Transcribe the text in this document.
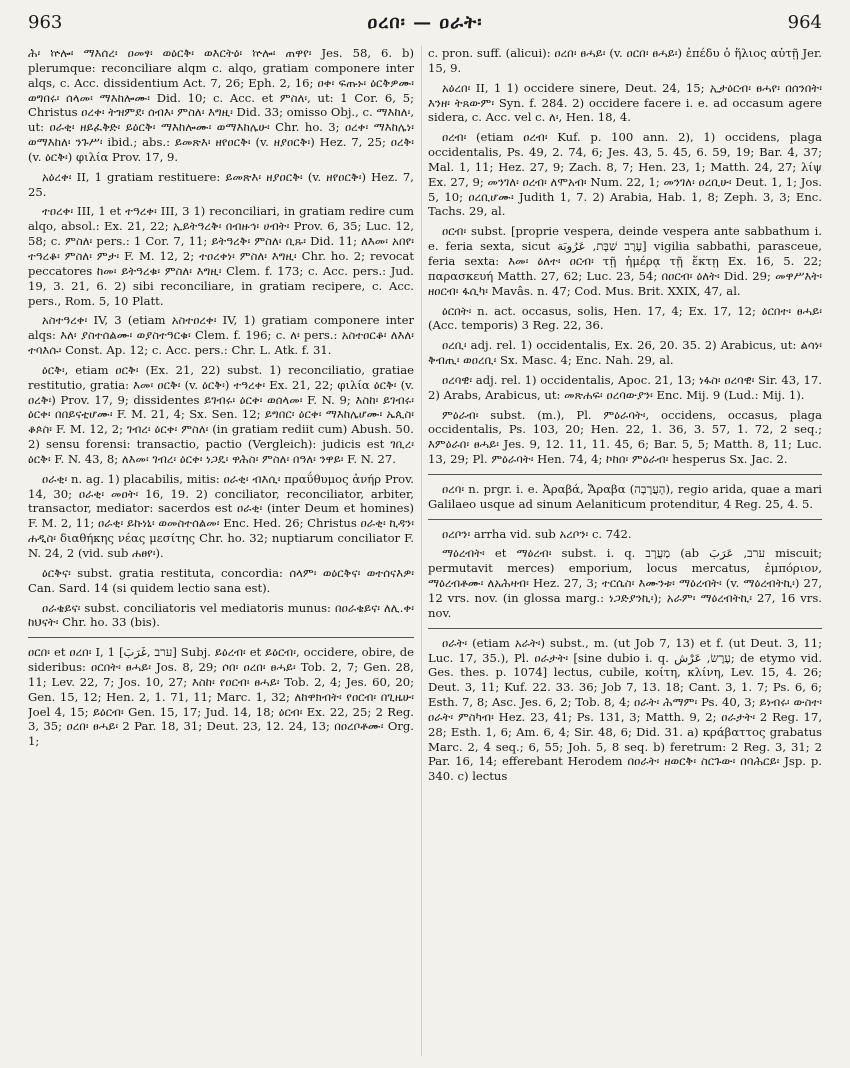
963	ዐረበ፡ — ዐራት፡	964

ሕ፡ ኵሎ፡ ማእሰረ፡ ዐመፃ፡ ወዕርቅ፡ ወእርትዕ፡ ኵሎ፡ ጠዋየ፡ Jes. 58, 6. b) plerumque: reconciliare alqm c. alqo, gratiam componere inter alqs, c. Acc. dissidentium Act. 7, 26; Eph. 2, 16; ዐቀ፡ ፍጡኑ፡ ዕርቅዎሙ፡ ወግበሩ፡ ሰላመ፡ ማእከሎሙ፡ Did. 10; c. Acc. et ምስለ፡, ut: 1 Cor. 6, 5; Christus ዐረቀ፡ ትዝምደ፡ ሰብእ፡ ምስለ፡ እግዚ፡ Did. 33; omisso Obj., c. ማእከለ፡, ut: ዐራቂ፡ ዘይፈቅድ፡ ይዕርቅ፡ ማእከሎሙ፡ ወማእከሌሁ፡ Chr. ho. 3; ዐረቀ፡ ማእከሌነ፡ ወማእከለ፡ ንጉሥ፡ ibid.; abs.: ይመጽእ፡ ዘየዐርቅ፡ (v. ዘያዐርቅ፡) Hez. 7, 25; ዐረቅ፡ (v. ዕርቅ፡) φιλία Prov. 17, 9.

አዕረቀ፡ II, 1 gratiam restituere: ይመጽእ፡ ዘያዐርቅ፡ (v. ዘየዐርቅ፡) Hez. 7, 25.

ተዐረቀ፡ III, 1 et ተዓረቀ፡ III, 3 1) reconciliari, in gratiam redire cum alqo, absol.: Ex. 21, 22; ኢይትዓረቅ፡ በብዙኅ፡ ሀብት፡ Prov. 6, 35; Luc. 12, 58; c. ምስለ፡ pers.: 1 Cor. 7, 11; ይትዓረቅ፡ ምስለ፡ ቢጹ፡ Did. 11; ለእመ፡ አበየ፡ ተዓረቆ፡ ምስለ፡ ምታ፡ F. M. 12, 2; ተዐረቀነ፡ ምስለ፡ እግዚ፡ Chr. ho. 2; revocat peccatores ከመ፡ ይትዓረቁ፡ ምስለ፡ እግዚ፡ Clem. f. 173; c. Acc. pers.: Jud. 19, 3. 21, 6. 2) sibi reconciliare, in gratiam recipere, c. Acc. pers., Rom. 5, 10 Platt.

አስተዓረቀ፡ IV, 3 (etiam አስተዐረቀ፡ IV, 1) gratiam componere inter alqs: እለ፡ ያስተሰልሙ፡ ወያስተዓርቁ፡ Clem. f. 196; c. ለ፡ pers.: አስተዐርቆ፡ ለእለ፡ ተባእሱ፡ Const. Ap. 12; c. Acc. pers.: Chr. L. Atk. f. 31.

ዕርቅ፡, etiam ዐርቅ፡ (Ex. 21, 22) subst. 1) reconciliatio, gratiae restitutio, gratia: እመ፡ ዐርቅ፡ (v. ዕርቅ፡) ተዓረቀ፡ Ex. 21, 22; φιλία ዕርቅ፡ (v. ዐረቅ፡) Prov. 17, 9; dissidentes ይገብሩ፡ ዕርቀ፡ ወሰላመ፡ F. N. 9; እስከ፡ ይገብሩ፡ ዕርቀ፡ በበይናቲሆሙ፡ F. M. 21, 4; Sx. Sen. 12; ይግበር፡ ዕርቀ፡ ማእከሌሆሙ፡ ኤጲስ፡ ቆጶስ፡ F. M. 12, 2; ገብረ፡ ዕርቀ፡ ምስለ፡ (in gratiam rediit cum) Abush. 50. 2) sensu forensi: transactio, pactio (Vergleich): judicis est ገቢረ፡ ዕርቅ፡ F. N. 43, 8; ለእመ፡ ገብረ፡ ዕርቀ፡ ነጋዴ፡ ዋሕስ፡ ምስለ፡ በዓለ፡ ንዋይ፡ F. N. 27.

ዐራቂ፡ n. ag. 1) placabilis, mitis: ዐራቂ፡ ብእሲ፡ πραΰθυμος ἀνήρ Prov. 14, 30; ዐራቂ፡ መዐት፡ 16, 19. 2) conciliator, reconciliator, arbiter, transactor, mediator: sacerdos est ዐራቂ፡ (inter Deum et homines) F. M. 2, 11; ዐራቂ፡ ይኩነኒ፡ ወመስተሰልመ፡ Enc. Hed. 26; Christus ዐራቂ፡ ኪዳን፡ ሐዲስ፡ διαθήκης νέας μεσίτης Chr. ho. 32; nuptiarum conciliator F. N. 24, 2 (vid. sub ሐፀየ፡).

ዕርቅና፡ subst. gratia restituta, concordia: ሰላም፡ ወዕርቅና፡ ወተሰናእዎ፡ Can. Sard. 14 (si quidem lectio sana est).

ዐራቄይና፡ subst. conciliatoris vel mediatoris munus: በዐራቄይና፡ ለሊ.ቀ፡ ከህናት፡ Chr. ho. 33 (bis).

ዐርበ፡ et ዐረበ፡ I, 1 [ערב ,غَرَبَ] Subj. ይዕረብ፡ et ይዕርብ፡, occidere, obire, de sideribus: ዐርበት፡ ፀሓይ፡ Jos. 8, 29; ሶበ፡ ዐረበ፡ ፀሓይ፡ Tob. 2, 7; Gen. 28, 11; Lev. 22, 7; Jos. 10, 27; እስከ፡ የዐርብ፡ ፀሓይ፡ Tob. 2, 4; Jes. 60, 20; Gen. 15, 12; Hen. 2, 1. 71, 11; Marc. 1, 32; ለከዋክብት፡ የዐርብ፡ በጊዜሁ፡ Joel 4, 15; ይዕርብ፡ Gen. 15, 17; Jud. 14, 18; ዕርብ፡ Ex. 22, 25; 2 Reg. 3, 35; ዐረበ፡ ፀሓይ፡ 2 Par. 18, 31; Deut. 23, 12. 24, 13; በዐረቦቶሙ፡ Org. 1;

c. pron. suff. (alicui): ዐረበ፡ ፀሓይ፡ (v. ዐርበ፡ ፀሓይ፡) ἐπέδυ ὁ ἥλιος αὐτῇ Jer. 15, 9.

አዕረበ፡ II, 1 1) occidere sinere, Deut. 24, 15; ኢታዕርብ፡ ፀሓየ፡ በሰንበት፡ እንዘ፡ ትጸውም፡ Syn. f. 284. 2) occidere facere i. e. ad occasum agere sidera, c. Acc. vel c. ለ፡, Hen. 18, 4.

ዐረብ፡ (etiam ዐረብ፡ Kuf. p. 100 ann. 2), 1) occidens, plaga occidentalis, Ps. 49, 2. 74, 6; Jes. 43, 5. 45, 6. 59, 19; Bar. 4, 37; Mal. 1, 11; Hez. 27, 9; Zach. 8, 7; Hen. 23, 1; Matth. 24, 27; λίψ Ex. 27, 9; መንገለ፡ ዐረብ፡ ለሞአብ፡ Num. 22, 1; መንገለ፡ ዐረቢሁ፡ Deut. 1, 1; Jos. 5, 10; ዐረቢሆሙ፡ Judith 1, 7. 2) Arabia, Hab. 1, 8; Zeph. 3, 3; Enc. Tachs. 29, al.

ዐርብ፡ subst. [proprie vespera, deinde vespera ante sabbathum i. e. feria sexta, sicut עֶרֶב שַׁבָּת, عَرُوبَة] vigilia sabbathi, parasceue, feria sexta: እመ፡ ዕለተ፡ ዐርብ፡ τῇ ἡμέρᾳ τῇ ἕκτῃ Ex. 16, 5. 22; παρασκευή Matth. 27, 62; Luc. 23, 54; በዐርብ፡ ዕለት፡ Did. 29; መዋሥእት፡ ዘዐርብ፡ ፋሲካ፡ Mavâs. n. 47; Cod. Mus. Brit. XXIX, 47, al.

ዕርበት፡ n. act. occasus, solis, Hen. 17, 4; Ex. 17, 12; ዕርበተ፡ ፀሓይ፡ (Acc. temporis) 3 Reg. 22, 36.

ዐረቢ፡ adj. rel. 1) occidentalis, Ex. 26, 20. 35. 2) Arabicus, ut: ልሳነ፡ ቅብጢ፡ ወዐረቢ፡ Sx. Masc. 4; Enc. Nah. 29, al.

ዐረባዊ፡ adj. rel. 1) occidentalis, Apoc. 21, 13; ነፋስ፡ ዐረባዊ፡ Sir. 43, 17. 2) Arabs, Arabicus, ut: መጽሐፍ፡ ዐረባውያን፡ Enc. Mij. 9 (Lud.: Mij. 1).

ምዕራብ፡ subst. (m.), Pl. ምዕራባት፡, occidens, occasus, plaga occidentalis, Ps. 103, 20; Hen. 22, 1. 36, 3. 57, 1. 72, 2 seq.; እምዕራበ፡ ፀሓይ፡ Jes. 9, 12. 11, 11. 45, 6; Bar. 5, 5; Matth. 8, 11; Luc. 13, 29; Pl. ምዕራባት፡ Hen. 74, 4; ኮከበ፡ ምዕራብ፡ hesperus Sx. Jac. 2.

ዐረባ፡ n. prgr. i. e. Ἀραβά, Ἄραβα (הָעֲרָבָה), regio arida, quae a mari Galilaeo usque ad sinum Aelaniticum protenditur, 4 Reg. 25, 4. 5.

ዐረቦን፡ arrha vid. sub አረቦን፡ c. 742.

ማዕረብት፡ et ማዕረብ፡ subst. i. q. מַעֲרָב (ab ערב, عَرَبَ miscuit; permutavit merces) emporium, locus mercatus, ἐμπόριον, ማዕረብቶሙ፡ ለአሕዛብ፡ Hez. 27, 3; ተርሴስ፡ እሙንቱ፡ ማዕረብት፡ (v. ማዕረብትኪ፡) 27, 12 vrs. nov. (in glossa marg.: ነጋድያንኪ፡); አራም፡ ማዕረብትኪ፡ 27, 16 vrs. nov.

ዐራት፡ (etiam አራት፡) subst., m. (ut Job 7, 13) et f. (ut Deut. 3, 11; Luc. 17, 35.), Pl. ዐራታት፡ [sine dubio i. q. עֶרֶשׂ, عَرْش; de etymo vid. Ges. thes. p. 1074] lectus, cubile, κοίτη, κλίνη, Lev. 15, 4. 26; Deut. 3, 11; Kuf. 22. 33. 36; Job 7, 13. 18; Cant. 3, 1. 7; Ps. 6, 6; Esth. 7, 8; Asc. Jes. 6, 2; Tob. 8, 4; ዐራት፡ ሕማም፡ Ps. 40, 3; ይነብሩ፡ ውስተ፡ ዐራት፡ ምስካብ፡ Hez. 23, 41; Ps. 131, 3; Matth. 9, 2; ዐራታት፡ 2 Reg. 17, 28; Esth. 1, 6; Am. 6, 4; Sir. 48, 6; Did. 31. a) κράβαττος grabatus Marc. 2, 4 seq.; 6, 55; Joh. 5, 8 seq. b) feretrum: 2 Reg. 3, 31; 2 Par. 16, 14; efferebant Herodem በዐራት፡ ዘወርቅ፡ ስርጉው፡ በባሕርይ፡ Jsp. p. 340. c) lectus
